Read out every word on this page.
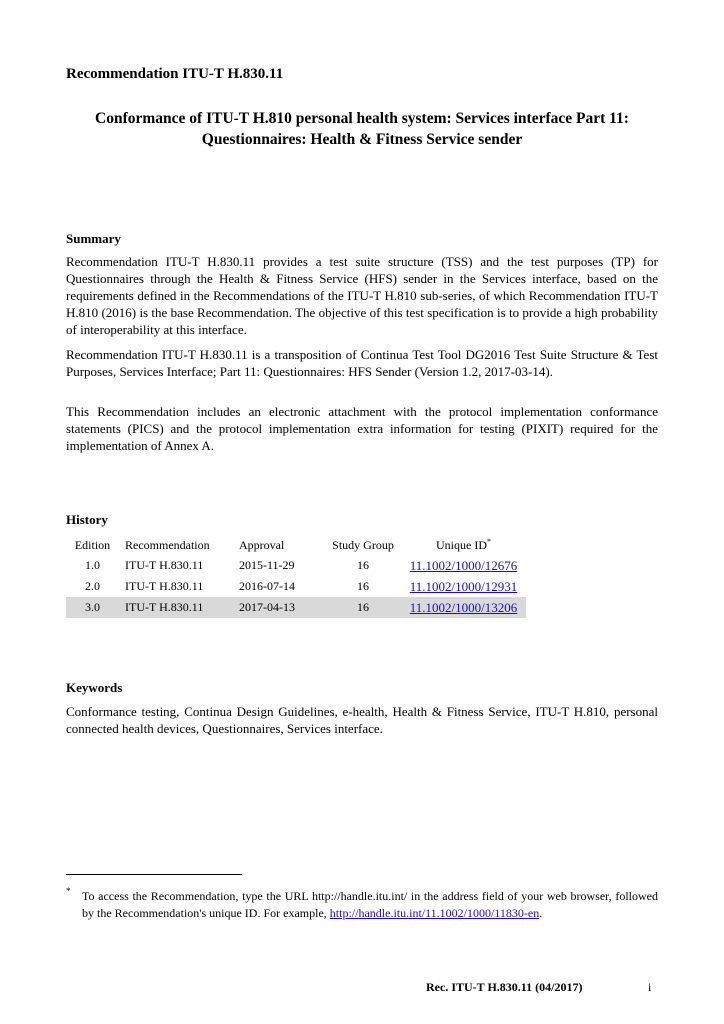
Recommendation ITU-T H.830.11
Conformance of ITU-T H.810 personal health system: Services interface Part 11: Questionnaires: Health & Fitness Service sender
Summary

Recommendation ITU-T H.830.11 provides a test suite structure (TSS) and the test purposes (TP) for Questionnaires through the Health & Fitness Service (HFS) sender in the Services interface, based on the requirements defined in the Recommendations of the ITU-T H.810 sub-series, of which Recommendation ITU-T H.810 (2016) is the base Recommendation. The objective of this test specification is to provide a high probability of interoperability at this interface.

Recommendation ITU-T H.830.11 is a transposition of Continua Test Tool DG2016 Test Suite Structure & Test Purposes, Services Interface; Part 11: Questionnaires: HFS Sender (Version 1.2, 2017-03-14).

This Recommendation includes an electronic attachment with the protocol implementation conformance statements (PICS) and the protocol implementation extra information for testing (PIXIT) required for the implementation of Annex A.

History
Edition	Recommendation	Approval	Study Group	Unique ID*
1.0	ITU-T H.830.11	2015-11-29	16	11.1002/1000/12676
2.0	ITU-T H.830.11	2016-07-14	16	11.1002/1000/12931
3.0	ITU-T H.830.11	2017-04-13	16	11.1002/1000/13206
Keywords

Conformance testing, Continua Design Guidelines, e-health, Health & Fitness Service, ITU-T H.810, personal connected health devices, Questionnaires, Services interface.

* To access the Recommendation, type the URL http://handle.itu.int/ in the address field of your web browser, followed by the Recommendation's unique ID. For example, http://handle.itu.int/11.1002/1000/11830-en.

Rec. ITU-T H.830.11 (04/2017)	i
